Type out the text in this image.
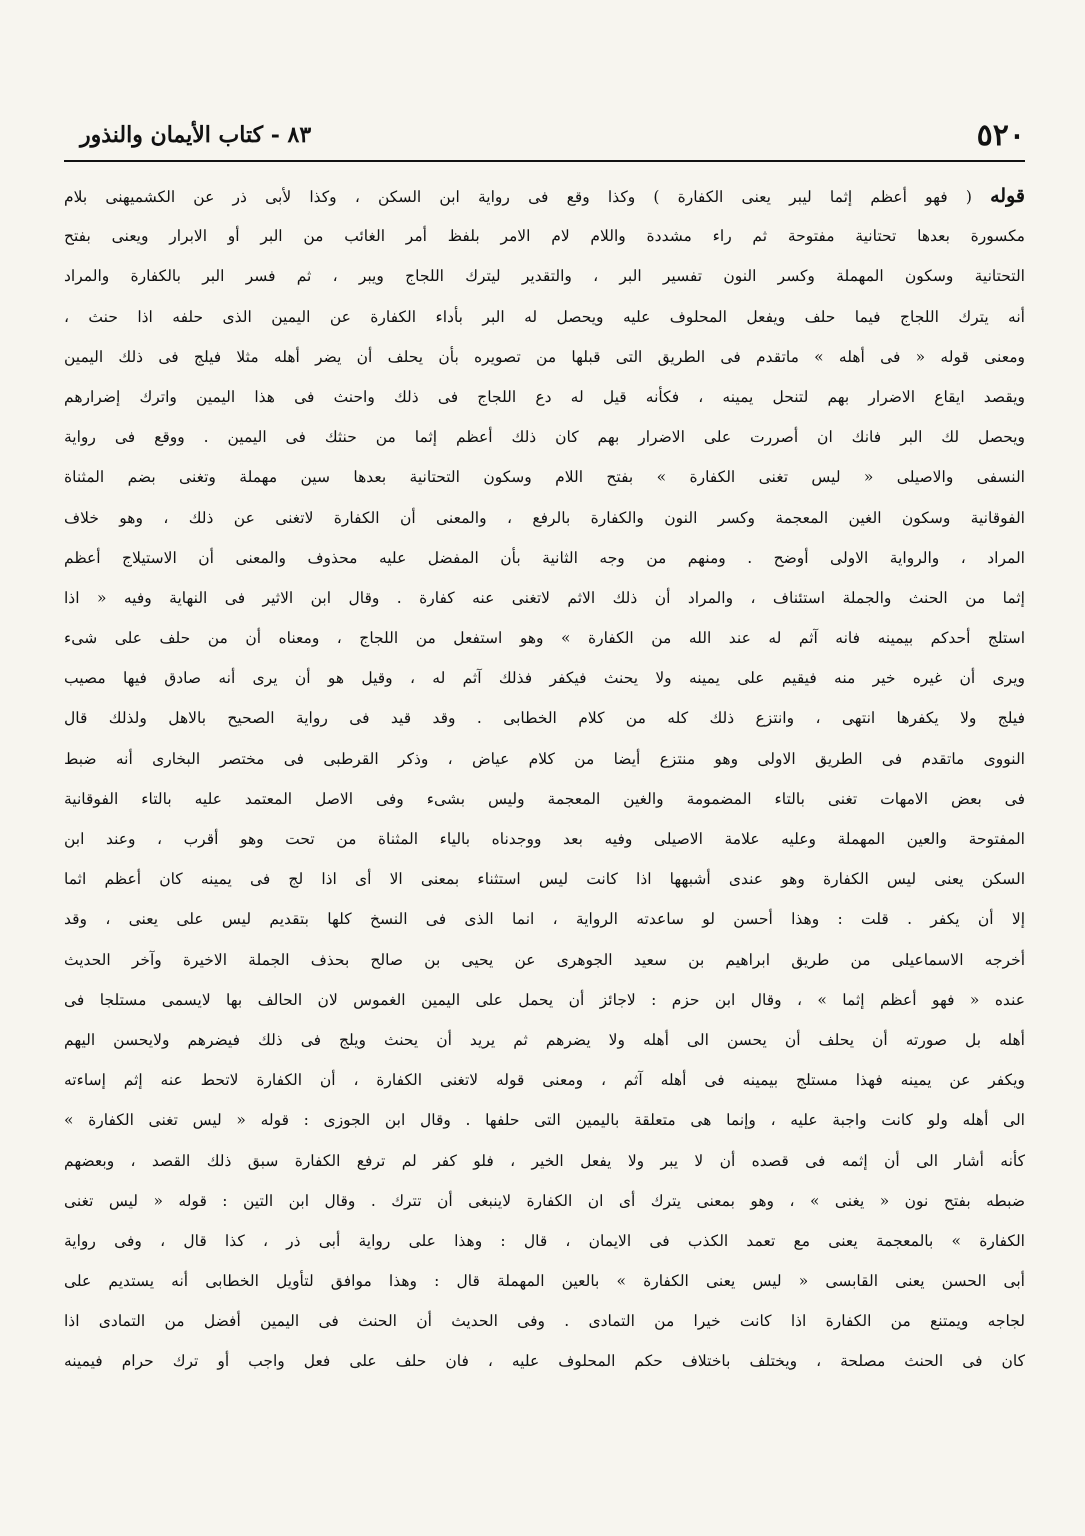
٥٢٠
٨٣ - كتاب الأيمان والنذور
قوله ( فهو أعظم إثما ليبر يعنى الكفارة ) وكذا وقع فى رواية ابن السكن ، وكذا لأبى ذر عن الكشميهنى بلام
مكسورة بعدها تحتانية مفتوحة ثم راء مشددة واللام لام الامر بلفظ أمر الغائب من البر أو الابرار ويعنى بفتح
التحتانية وسكون المهملة وكسر النون تفسير البر ، والتقدير ليترك اللجاج ويبر ، ثم فسر البر بالكفارة والمراد
أنه يترك اللجاج فيما حلف ويفعل المحلوف عليه ويحصل له البر بأداء الكفارة عن اليمين الذى حلفه اذا حنث ،
ومعنى قوله « فى أهله » ماتقدم فى الطريق التى قبلها من تصويره بأن يحلف أن يضر أهله مثلا فيلج فى ذلك اليمين
ويقصد ايقاع الاضرار بهم لتنحل يمينه ، فكأنه قيل له دع اللجاج فى ذلك واحنث فى هذا اليمين واترك إضرارهم
ويحصل لك البر فانك ان أصررت على الاضرار بهم كان ذلك أعظم إثما من حنثك فى اليمين . ووقع فى رواية
النسفى والاصيلى « ليس تغنى الكفارة » بفتح اللام وسكون التحتانية بعدها سين مهملة وتغنى بضم المثناة
الفوقانية وسكون الغين المعجمة وكسر النون والكفارة بالرفع ، والمعنى أن الكفارة لاتغنى عن ذلك ، وهو خلاف
المراد ، والرواية الاولى أوضح . ومنهم من وجه الثانية بأن المفضل عليه محذوف والمعنى أن الاستيلاج أعظم
إثما من الحنث والجملة استئناف ، والمراد أن ذلك الاثم لاتغنى عنه كفارة . وقال ابن الاثير فى النهاية وفيه « اذا
استلج أحدكم بيمينه فانه آثم له عند الله من الكفارة » وهو استفعل من اللجاج ، ومعناه أن من حلف على شىء
ويرى أن غيره خير منه فيقيم على يمينه ولا يحنث فيكفر فذلك آثم له ، وقيل هو أن يرى أنه صادق فيها مصيب
فيلج ولا يكفرها انتهى ، وانتزع ذلك كله من كلام الخطابى . وقد قيد فى رواية الصحيح بالاهل ولذلك قال
النووى ماتقدم فى الطريق الاولى وهو منتزع أيضا من كلام عياض ، وذكر القرطبى فى مختصر البخارى أنه ضبط
فى بعض الامهات تغنى بالتاء المضمومة والغين المعجمة وليس بشىء وفى الاصل المعتمد عليه بالتاء الفوقانية
المفتوحة والعين المهملة وعليه علامة الاصيلى وفيه بعد ووجدناه بالياء المثناة من تحت وهو أقرب ، وعند ابن
السكن يعنى ليس الكفارة وهو عندى أشبهها اذا كانت ليس استثناء بمعنى الا أى اذا لج فى يمينه كان أعظم اثما
إلا أن يكفر . قلت : وهذا أحسن لو ساعدته الرواية ، انما الذى فى النسخ كلها بتقديم ليس على يعنى ، وقد
أخرجه الاسماعيلى من طريق ابراهيم بن سعيد الجوهرى عن يحيى بن صالح بحذف الجملة الاخيرة وآخر الحديث
عنده « فهو أعظم إثما » ، وقال ابن حزم : لاجائز أن يحمل على اليمين الغموس لان الحالف بها لايسمى مستلجا فى
أهله بل صورته أن يحلف أن يحسن الى أهله ولا يضرهم ثم يريد أن يحنث ويلج فى ذلك فيضرهم ولايحسن اليهم
ويكفر عن يمينه فهذا مستلج بيمينه فى أهله آثم ، ومعنى قوله لاتغنى الكفارة ، أن الكفارة لاتحط عنه إثم إساءته
الى أهله ولو كانت واجبة عليه ، وإنما هى متعلقة باليمين التى حلفها . وقال ابن الجوزى : قوله « ليس تغنى الكفارة »
كأنه أشار الى أن إثمه فى قصده أن لا يبر ولا يفعل الخير ، فلو كفر لم ترفع الكفارة سبق ذلك القصد ، وبعضهم
ضبطه بفتح نون « يغنى » ، وهو بمعنى يترك أى ان الكفارة لاينبغى أن تترك . وقال ابن التين : قوله « ليس تغنى
الكفارة » بالمعجمة يعنى مع تعمد الكذب فى الايمان ، قال : وهذا على رواية أبى ذر ، كذا قال ، وفى رواية
أبى الحسن يعنى القابسى « ليس يعنى الكفارة » بالعين المهملة قال : وهذا موافق لتأويل الخطابى أنه يستديم على
لجاجه ويمتنع من الكفارة اذا كانت خيرا من التمادى . وفى الحديث أن الحنث فى اليمين أفضل من التمادى اذا
كان فى الحنث مصلحة ، ويختلف باختلاف حكم المحلوف عليه ، فان حلف على فعل واجب أو ترك حرام فيمينه
